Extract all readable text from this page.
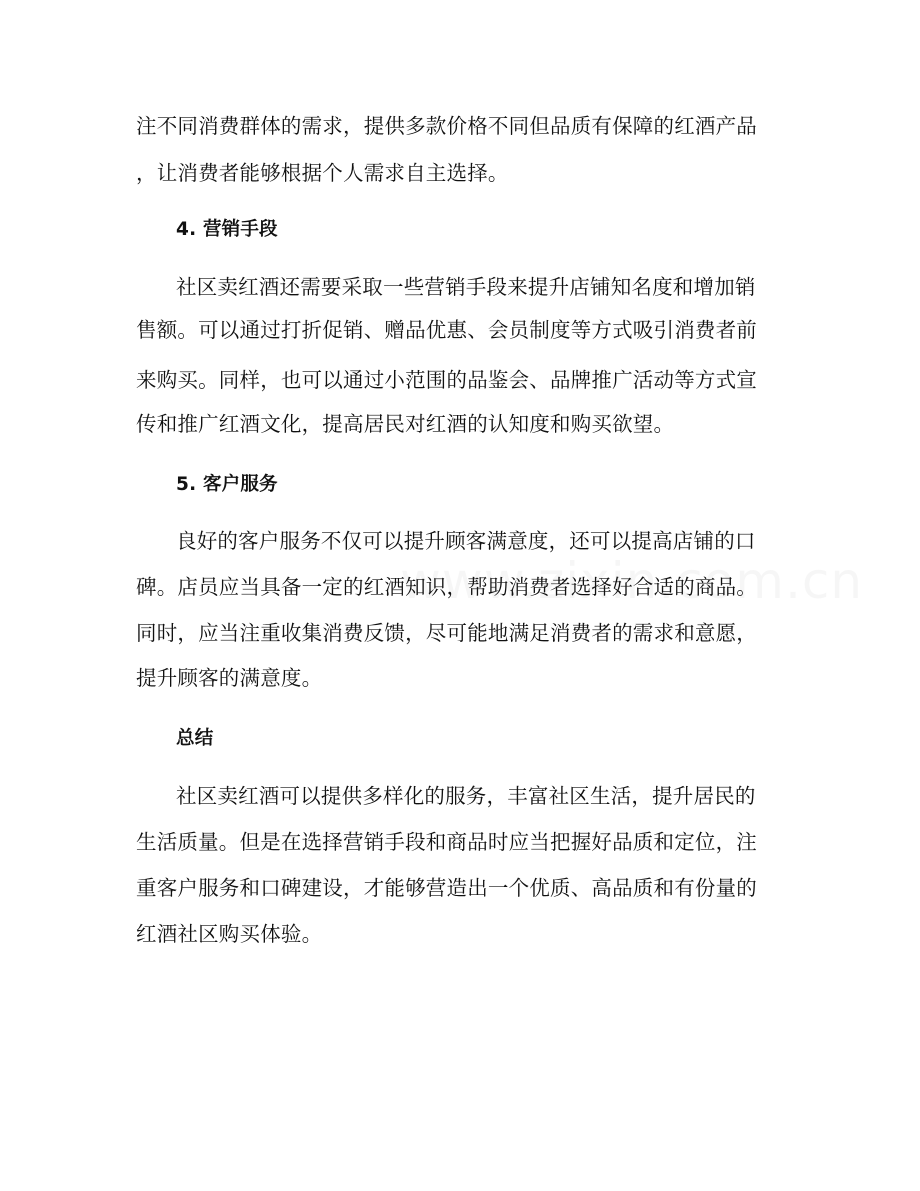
注不同消费群体的需求，提供多款价格不同但品质有保障的红酒产品
，让消费者能够根据个人需求自主选择。
4. 营销手段
社区卖红酒还需要采取一些营销手段来提升店铺知名度和增加销
售额。可以通过打折促销、赠品优惠、会员制度等方式吸引消费者前
来购买。同样，也可以通过小范围的品鉴会、品牌推广活动等方式宣
传和推广红酒文化，提高居民对红酒的认知度和购买欲望。
5. 客户服务
良好的客户服务不仅可以提升顾客满意度，还可以提高店铺的口
碑。店员应当具备一定的红酒知识，帮助消费者选择好合适的商品。
同时，应当注重收集消费反馈，尽可能地满足消费者的需求和意愿，
提升顾客的满意度。
总结
社区卖红酒可以提供多样化的服务，丰富社区生活，提升居民的
生活质量。但是在选择营销手段和商品时应当把握好品质和定位，注
重客户服务和口碑建设，才能够营造出一个优质、高品质和有份量的
红酒社区购买体验。
